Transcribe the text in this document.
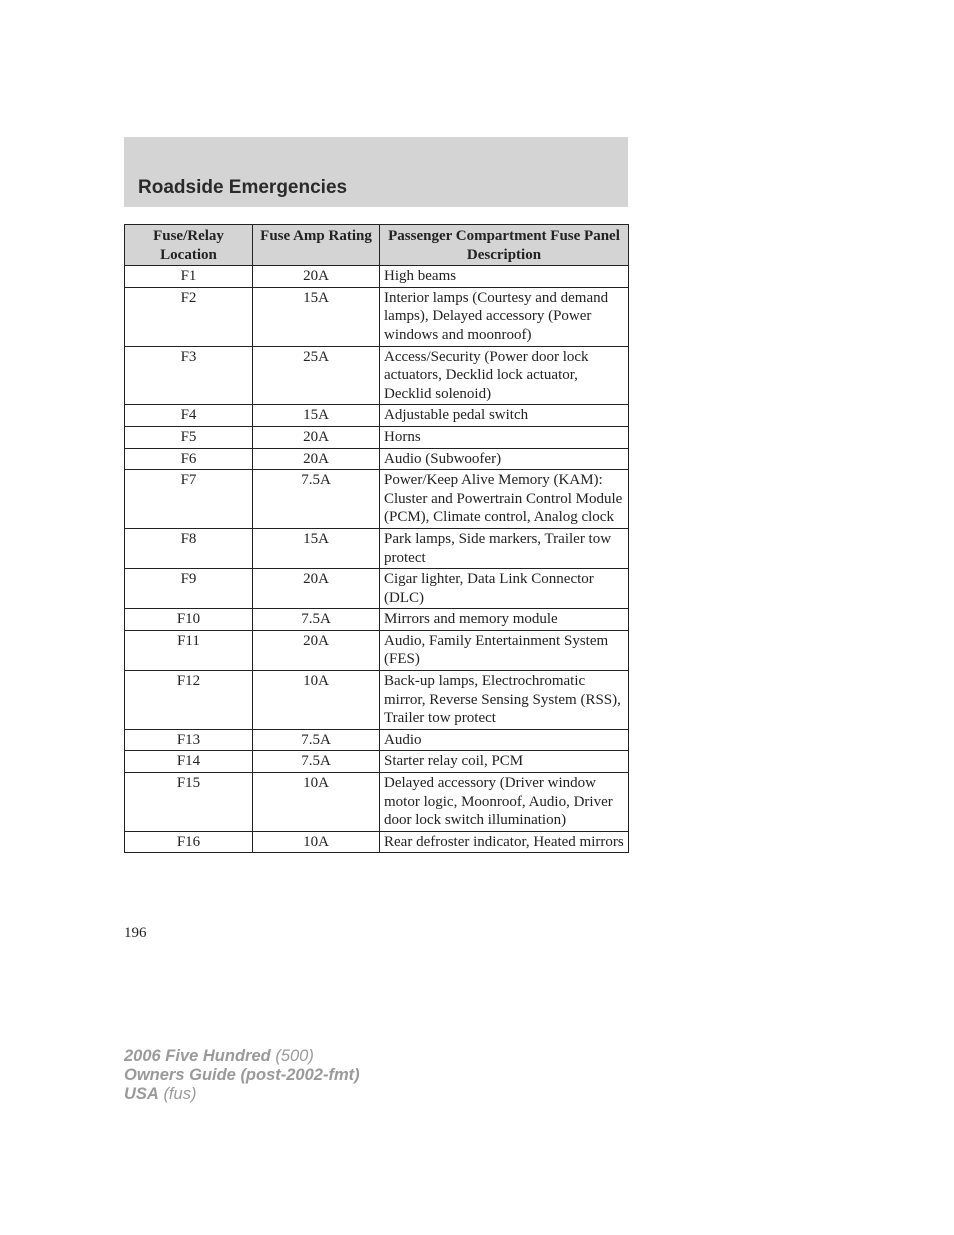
Roadside Emergencies
Fuse/Relay Location	Fuse Amp Rating	Passenger Compartment Fuse Panel Description
F1	20A	High beams
F2	15A	Interior lamps (Courtesy and demand lamps), Delayed accessory (Power windows and moonroof)
F3	25A	Access/Security (Power door lock actuators, Decklid lock actuator, Decklid solenoid)
F4	15A	Adjustable pedal switch
F5	20A	Horns
F6	20A	Audio (Subwoofer)
F7	7.5A	Power/Keep Alive Memory (KAM): Cluster and Powertrain Control Module (PCM), Climate control, Analog clock
F8	15A	Park lamps, Side markers, Trailer tow protect
F9	20A	Cigar lighter, Data Link Connector (DLC)
F10	7.5A	Mirrors and memory module
F11	20A	Audio, Family Entertainment System (FES)
F12	10A	Back-up lamps, Electrochromatic mirror, Reverse Sensing System (RSS), Trailer tow protect
F13	7.5A	Audio
F14	7.5A	Starter relay coil, PCM
F15	10A	Delayed accessory (Driver window motor logic, Moonroof, Audio, Driver door lock switch illumination)
F16	10A	Rear defroster indicator, Heated mirrors
196
2006 Five Hundred (500)
Owners Guide (post-2002-fmt)
USA (fus)
